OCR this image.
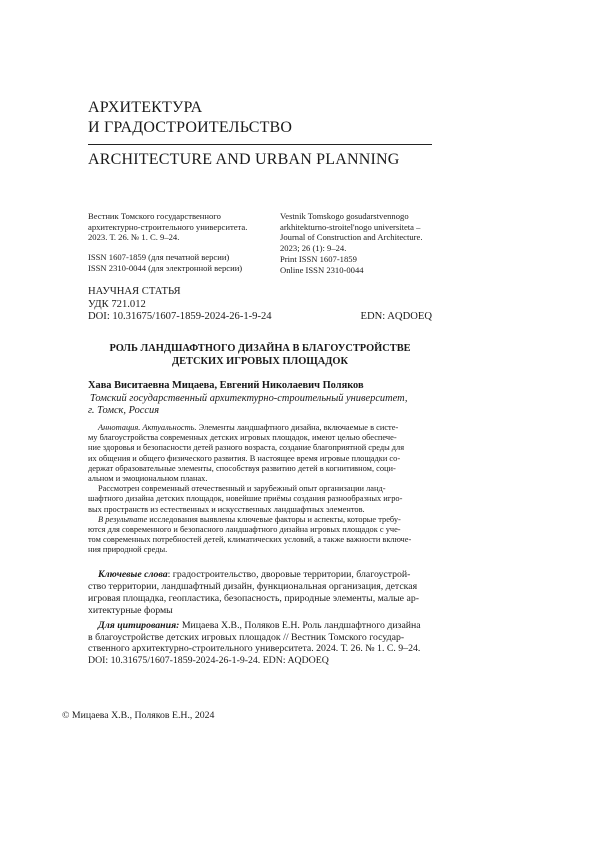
АРХИТЕКТУРА
И ГРАДОСТРОИТЕЛЬСТВО
ARCHITECTURE AND URBAN PLANNING
Вестник Томского государственного
архитектурно-строительного университета.
2023. Т. 26. № 1. С. 9–24.
ISSN 1607-1859 (для печатной версии)
ISSN 2310-0044 (для электронной версии)
Vestnik Tomskogo gosudarstvennogo
arkhitekturno-stroitel'nogo universiteta –
Journal of Construction and Architecture.
2023; 26 (1): 9–24.
Print ISSN 1607-1859
Online ISSN 2310-0044
НАУЧНАЯ СТАТЬЯ
УДК 721.012
DOI: 10.31675/1607-1859-2024-26-1-9-24	EDN: AQDOEQ
РОЛЬ ЛАНДШАФТНОГО ДИЗАЙНА В БЛАГОУСТРОЙСТВЕ
ДЕТСКИХ ИГРОВЫХ ПЛОЩАДОК
Хава Виситаевна Мицаева, Евгений Николаевич Поляков
Томский государственный архитектурно-строительный университет,
г. Томск, Россия
Аннотация. Актуальность. Элементы ландшафтного дизайна, включаемые в систе-
му благоустройства современных детских игровых площадок, имеют целью обеспече-
ние здоровья и безопасности детей разного возраста, создание благоприятной среды для
их общения и общего физического развития. В настоящее время игровые площадки со-
держат образовательные элементы, способствуя развитию детей в когнитивном, соци-
альном и эмоциональном планах.
Рассмотрен современный отечественный и зарубежный опыт организации ланд-
шафтного дизайна детских площадок, новейшие приёмы создания разнообразных игро-
вых пространств из естественных и искусственных ландшафтных элементов.
В результате исследования выявлены ключевые факторы и аспекты, которые требу-
ются для современного и безопасного ландшафтного дизайна игровых площадок с уче-
том современных потребностей детей, климатических условий, а также важности включе-
ния природной среды.
Ключевые слова: градостроительство, дворовые территории, благоустрой-
ство территории, ландшафтный дизайн, функциональная организация, детская
игровая площадка, геопластика, безопасность, природные элементы, малые ар-
хитектурные формы
Для цитирования: Мицаева Х.В., Поляков Е.Н. Роль ландшафтного дизайна
в благоустройстве детских игровых площадок // Вестник Томского государ-
ственного архитектурно-строительного университета. 2024. Т. 26. № 1. С. 9–24.
DOI: 10.31675/1607-1859-2024-26-1-9-24. EDN: AQDOEQ
© Мицаева Х.В., Поляков Е.Н., 2024
